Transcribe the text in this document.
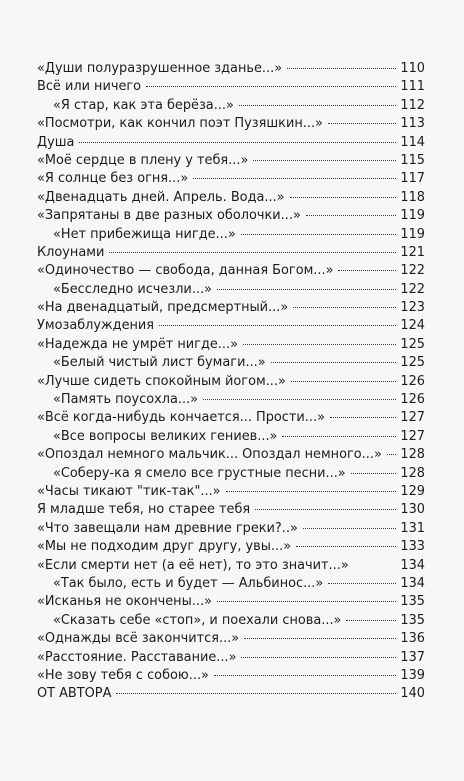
«Души полуразрушенное зданье...»	110
Всё или ничего	111
«Я стар, как эта берёза...»	112
«Посмотри, как кончил поэт Пузяшкин...»	113
Душа	114
«Моё сердце в плену у тебя...»	115
«Я солнце без огня...»	117
«Двенадцать дней. Апрель. Вода...»	118
«Запрятаны в две разных оболочки...»	119
«Нет прибежища нигде...»	119
Клоунами	121
«Одиночество — свобода, данная Богом...»	122
«Бесследно исчезли...»	122
«На двенадцатый, предсмертный...»	123
Умозаблуждения	124
«Надежда не умрёт нигде...»	125
«Белый чистый лист бумаги...»	125
«Лучше сидеть спокойным йогом...»	126
«Память поусохла...»	126
«Всё когда-нибудь кончается... Прости...»	127
«Все вопросы великих гениев...»	127
«Опоздал немного мальчик... Опоздал немного...» 128
«Соберу-ка я смело все грустные песни...»	128
«Часы тикают "тик-так"...»	129
Я младше тебя, но старее тебя	130
«Что завещали нам древние греки?..»	131
«Мы не подходим друг другу, увы...»	133
«Если смерти нет (а её нет), то это значит...»	134
«Так было, есть и будет — Альбинос...»	134
«Исканья не окончены...»	135
«Сказать себе «стоп», и поехали снова...»	135
«Однажды всё закончится...»	136
«Расстояние. Расставание...»	137
«Не зову тебя с собою...»	139
ОТ АВТОРА	140
